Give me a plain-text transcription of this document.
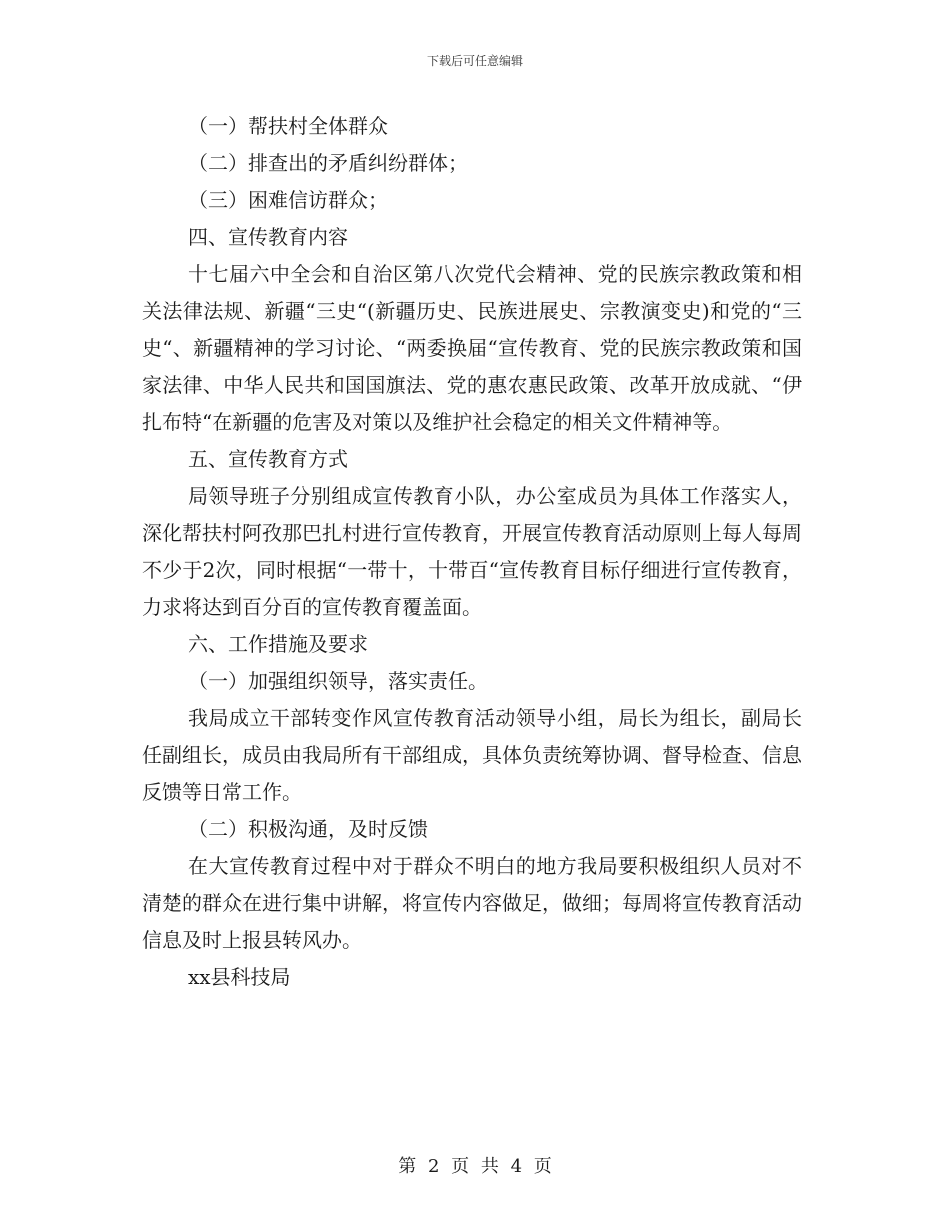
下载后可任意编辑

（一）帮扶村全体群众

（二）排查出的矛盾纠纷群体；

（三）困难信访群众；

四、宣传教育内容

十七届六中全会和自治区第八次党代会精神、党的民族宗教政策和相关法律法规、新疆“三史“(新疆历史、民族进展史、宗教演变史)和党的“三史“、新疆精神的学习讨论、“两委换届“宣传教育、党的民族宗教政策和国家法律、中华人民共和国国旗法、党的惠农惠民政策、改革开放成就、“伊扎布特“在新疆的危害及对策以及维护社会稳定的相关文件精神等。

五、宣传教育方式

局领导班子分别组成宣传教育小队，办公室成员为具体工作落实人，深化帮扶村阿孜那巴扎村进行宣传教育，开展宣传教育活动原则上每人每周不少于2次，同时根据“一带十，十带百“宣传教育目标仔细进行宣传教育，力求将达到百分百的宣传教育覆盖面。

六、工作措施及要求

（一）加强组织领导，落实责任。

我局成立干部转变作风宣传教育活动领导小组，局长为组长，副局长任副组长，成员由我局所有干部组成，具体负责统筹协调、督导检查、信息反馈等日常工作。

（二）积极沟通，及时反馈

在大宣传教育过程中对于群众不明白的地方我局要积极组织人员对不清楚的群众在进行集中讲解，将宣传内容做足，做细；每周将宣传教育活动信息及时上报县转风办。

xx县科技局

第 2 页 共 4 页
